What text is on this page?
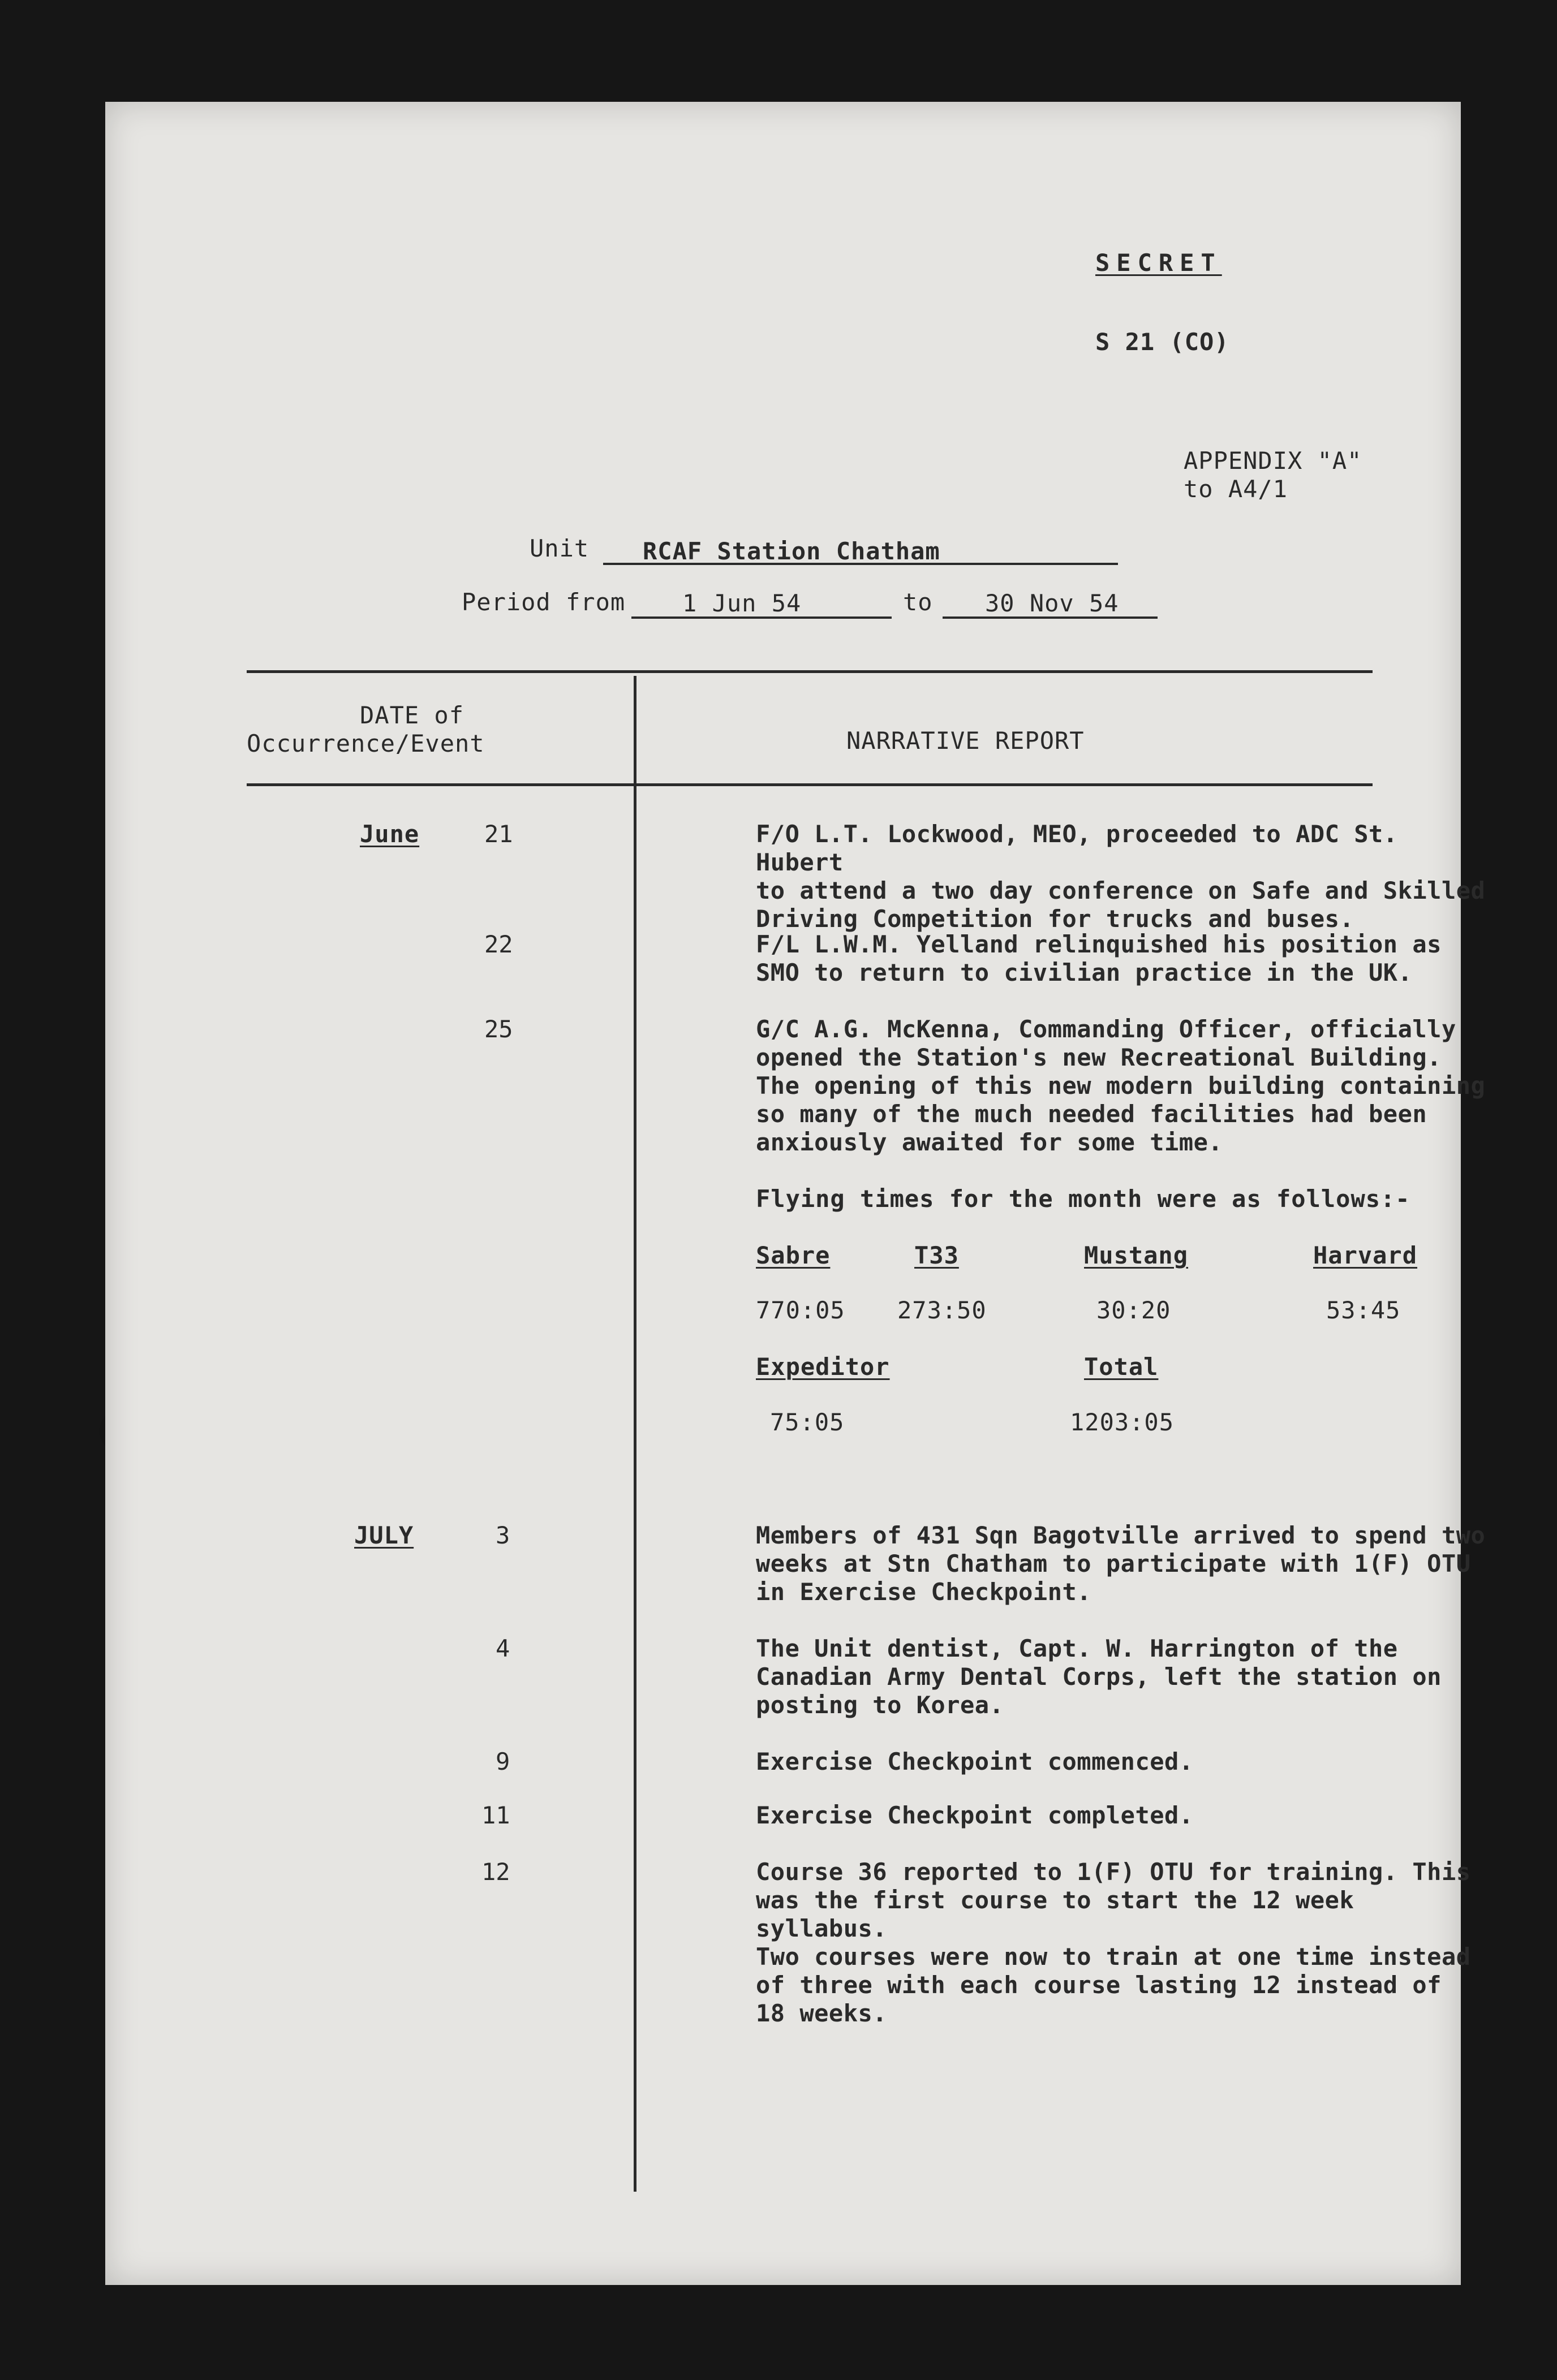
SECRET
S 21 (CO)
APPENDIX "A"
to A4/1
Unit RCAF Station Chatham
Period from 1 Jun 54	to 30 Nov 54
DATE of
Occurrence/Event	NARRATIVE REPORT
June	21	F/O L.T. Lockwood, MEO, proceeded to ADC St. Hubert
to attend a two day conference on Safe and Skilled
Driving Competition for trucks and buses.
22	F/L L.W.M. Yelland relinquished his position as
SMO to return to civilian practice in the UK.
25	G/C A.G. McKenna, Commanding Officer, officially
opened the Station's new Recreational Building.
The opening of this new modern building containing
so many of the much needed facilities had been
anxiously awaited for some time.
Flying times for the month were as follows:-
Sabre	T33	Mustang	Harvard
770:05 273:50	30:20	53:45
Expeditor	Total
75:05	1203:05
JULY	3	Members of 431 Sqn Bagotville arrived to spend two
weeks at Stn Chatham to participate with 1(F) OTU
in Exercise Checkpoint.
4	The Unit dentist, Capt. W. Harrington of the
Canadian Army Dental Corps, left the station on
posting to Korea.
9	Exercise Checkpoint commenced.
11	Exercise Checkpoint completed.
12	Course 36 reported to 1(F) OTU for training. This
was the first course to start the 12 week syllabus.
Two courses were now to train at one time instead
of three with each course lasting 12 instead of
18 weeks.
